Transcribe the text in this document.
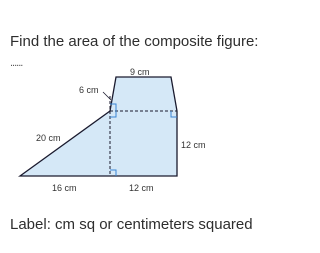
Find the area of the composite figure:
......
9 cm
6 cm
20 cm
12 cm
16 cm	12 cm

Label: cm sq or centimeters squared
